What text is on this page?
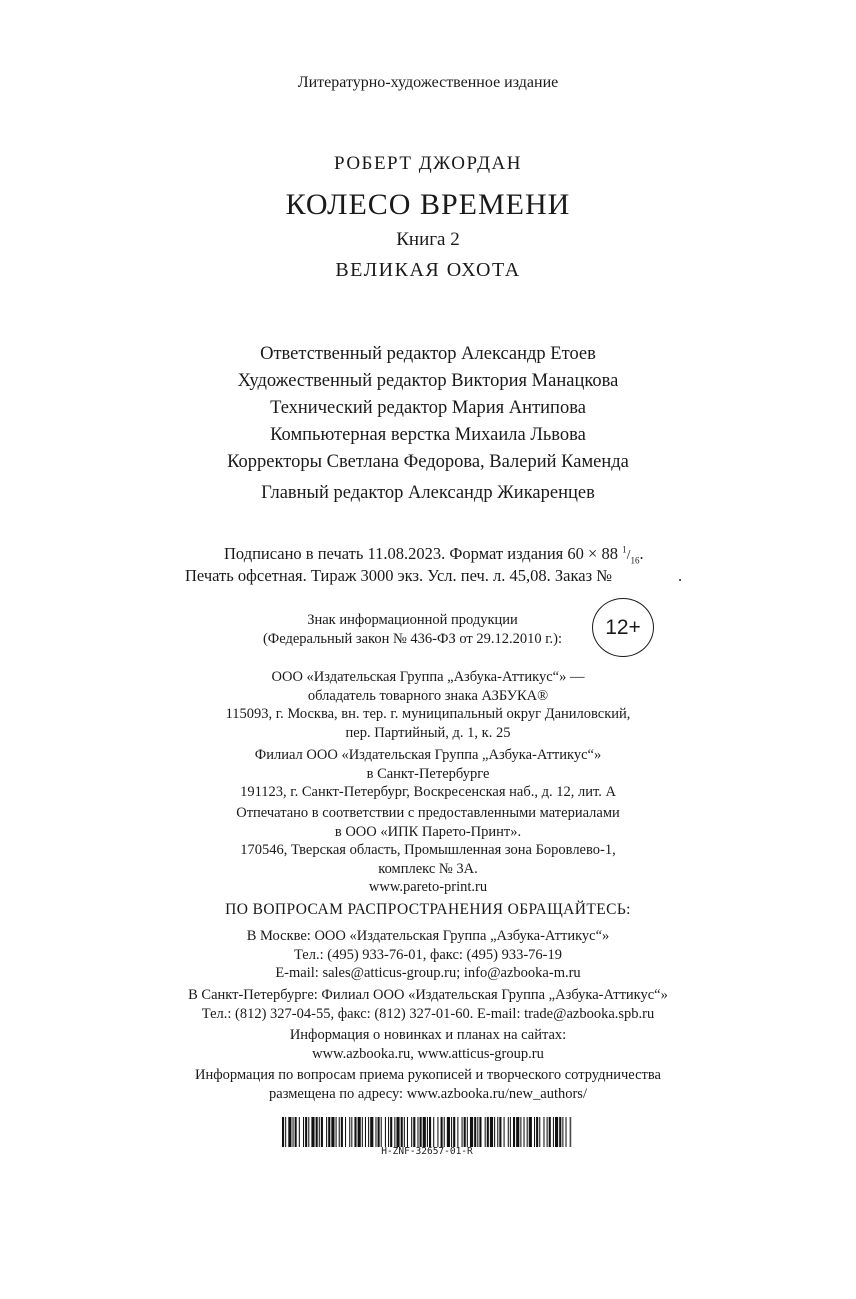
Литературно-художественное издание
РОБЕРТ ДЖОРДАН
КОЛЕСО ВРЕМЕНИ
Книга 2
ВЕЛИКАЯ ОХОТА
Ответственный редактор Александр Етоев
Художественный редактор Виктория Манацкова
Технический редактор Мария Антипова
Компьютерная верстка Михаила Львова
Корректоры Светлана Федорова, Валерий Каменда
Главный редактор Александр Жикаренцев
Подписано в печать 11.08.2023. Формат издания 60 × 88 $^1/_{16}$.
Печать офсетная. Тираж 3000 экз. Усл. печ. л. 45,08. Заказ №	.
Знак информационной продукции
(Федеральный закон № 436-ФЗ от 29.12.2010 г.):
12+
ООО «Издательская Группа „Азбука-Аттикус“» —
обладатель товарного знака АЗБУКА®
115093, г. Москва, вн. тер. г. муниципальный округ Даниловский,
пер. Партийный, д. 1, к. 25
Филиал ООО «Издательская Группа „Азбука-Аттикус“»
в Санкт-Петербурге
191123, г. Санкт-Петербург, Воскресенская наб., д. 12, лит. А
Отпечатано в соответствии с предоставленными материалами
в ООО «ИПК Парето-Принт».
170546, Тверская область, Промышленная зона Боровлево-1,
комплекс № 3А.
www.pareto-print.ru
ПО ВОПРОСАМ РАСПРОСТРАНЕНИЯ ОБРАЩАЙТЕСЬ:
В Москве: ООО «Издательская Группа „Азбука-Аттикус“»
Тел.: (495) 933-76-01, факс: (495) 933-76-19
E-mail: sales@atticus-group.ru; info@azbooka-m.ru
В Санкт-Петербурге: Филиал ООО «Издательская Группа „Азбука-Аттикус“»
Тел.: (812) 327-04-55, факс: (812) 327-01-60. E-mail: trade@azbooka.spb.ru
Информация о новинках и планах на сайтах:
www.azbooka.ru, www.atticus-group.ru
Информация по вопросам приема рукописей и творческого сотрудничества
размещена по адресу: www.azbooka.ru/new_authors/
H-ZNF-32657-01-R
